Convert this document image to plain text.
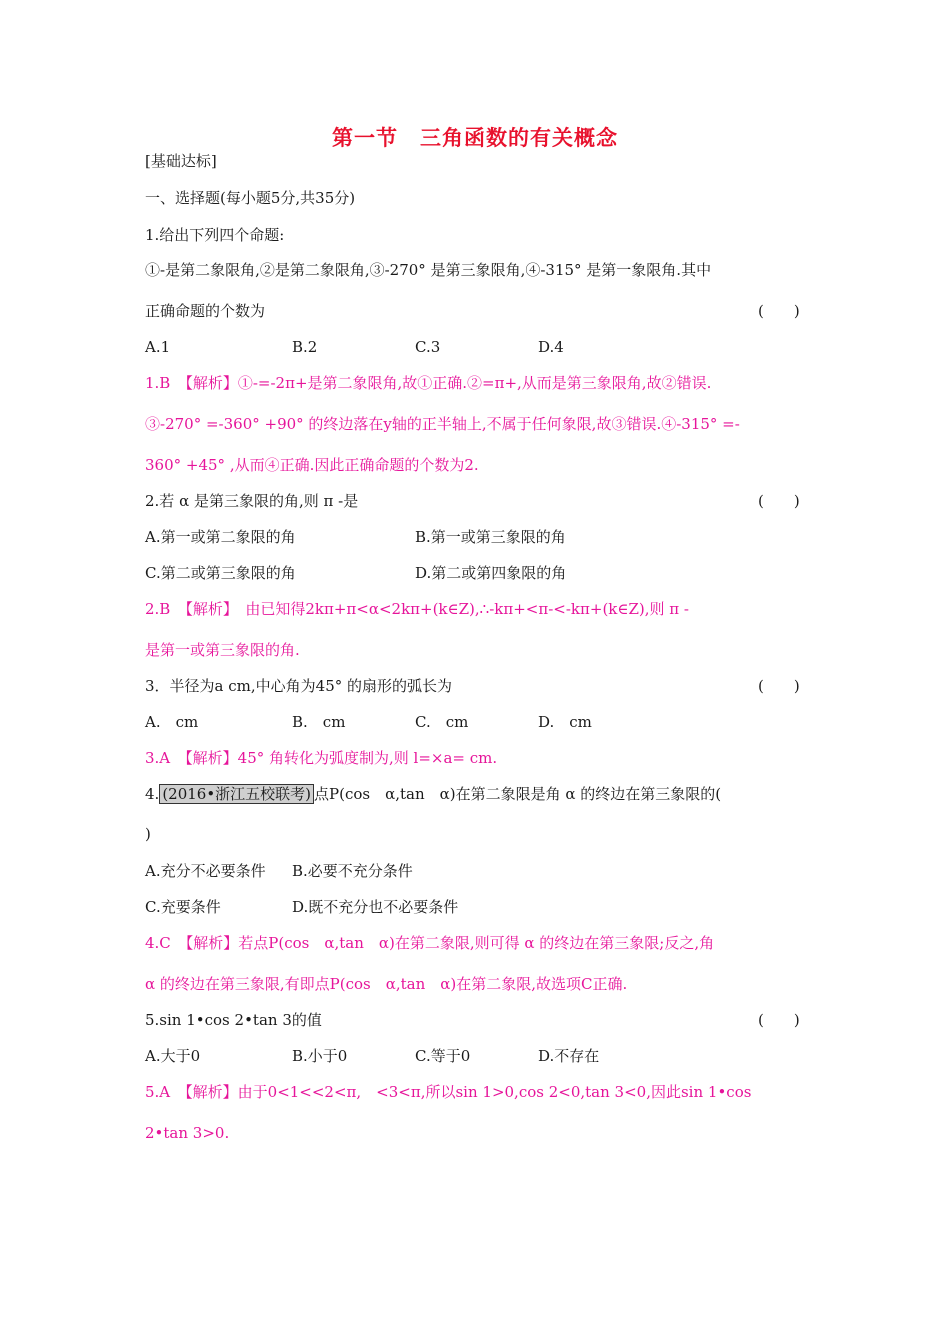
第一节　三角函数的有关概念
[基础达标]
一、选择题(每小题5分,共35分)
1.给出下列四个命题:
①-是第二象限角,②是第二象限角,③-270° 是第三象限角,④-315° 是第一象限角.其中
正确命题的个数为	(　　)
A.1	B.2	C.3	D.4
1.B　【解析】①-=-2π+是第二象限角,故①正确.②=π+,从而是第三象限角,故②错误.
③-270° =-360° +90° 的终边落在y轴的正半轴上,不属于任何象限,故③错误.④-315° =-
360° +45° ,从而④正确.因此正确命题的个数为2.
2.若 α 是第三象限的角,则 π -是	(　　)
A.第一或第二象限的角	B.第一或第三象限的角
C.第二或第三象限的角	D.第二或第四象限的角
2.B　【解析】　由已知得2kπ+π<α<2kπ+(k∈Z),∴-kπ+<π-<-kπ+(k∈Z),则 π -
是第一或第三象限的角.
3．半径为a cm,中心角为45° 的扇形的弧长为	(　　)
A.　cm	B.　cm	C.　cm	D.　cm
3.A　【解析】45° 角转化为弧度制为,则 l=×a= cm.
4. (2016•浙江五校联考) 点P(cos　α,tan　α)在第二象限是角 α 的终边在第三象限的(
)
A.充分不必要条件 B.必要不充分条件
C.充要条件	D.既不充分也不必要条件
4.C　【解析】若点P(cos　α,tan　α)在第二象限,则可得 α 的终边在第三象限;反之,角
α 的终边在第三象限,有即点P(cos　α,tan　α)在第二象限,故选项C正确.
5.sin 1•cos 2•tan 3的值	(　　)
A.大于0	B.小于0	C.等于0	D.不存在
5.A　【解析】由于0<1<<2<π,　<3<π,所以sin 1>0,cos 2<0,tan 3<0,因此sin 1•cos
2•tan 3>0.
